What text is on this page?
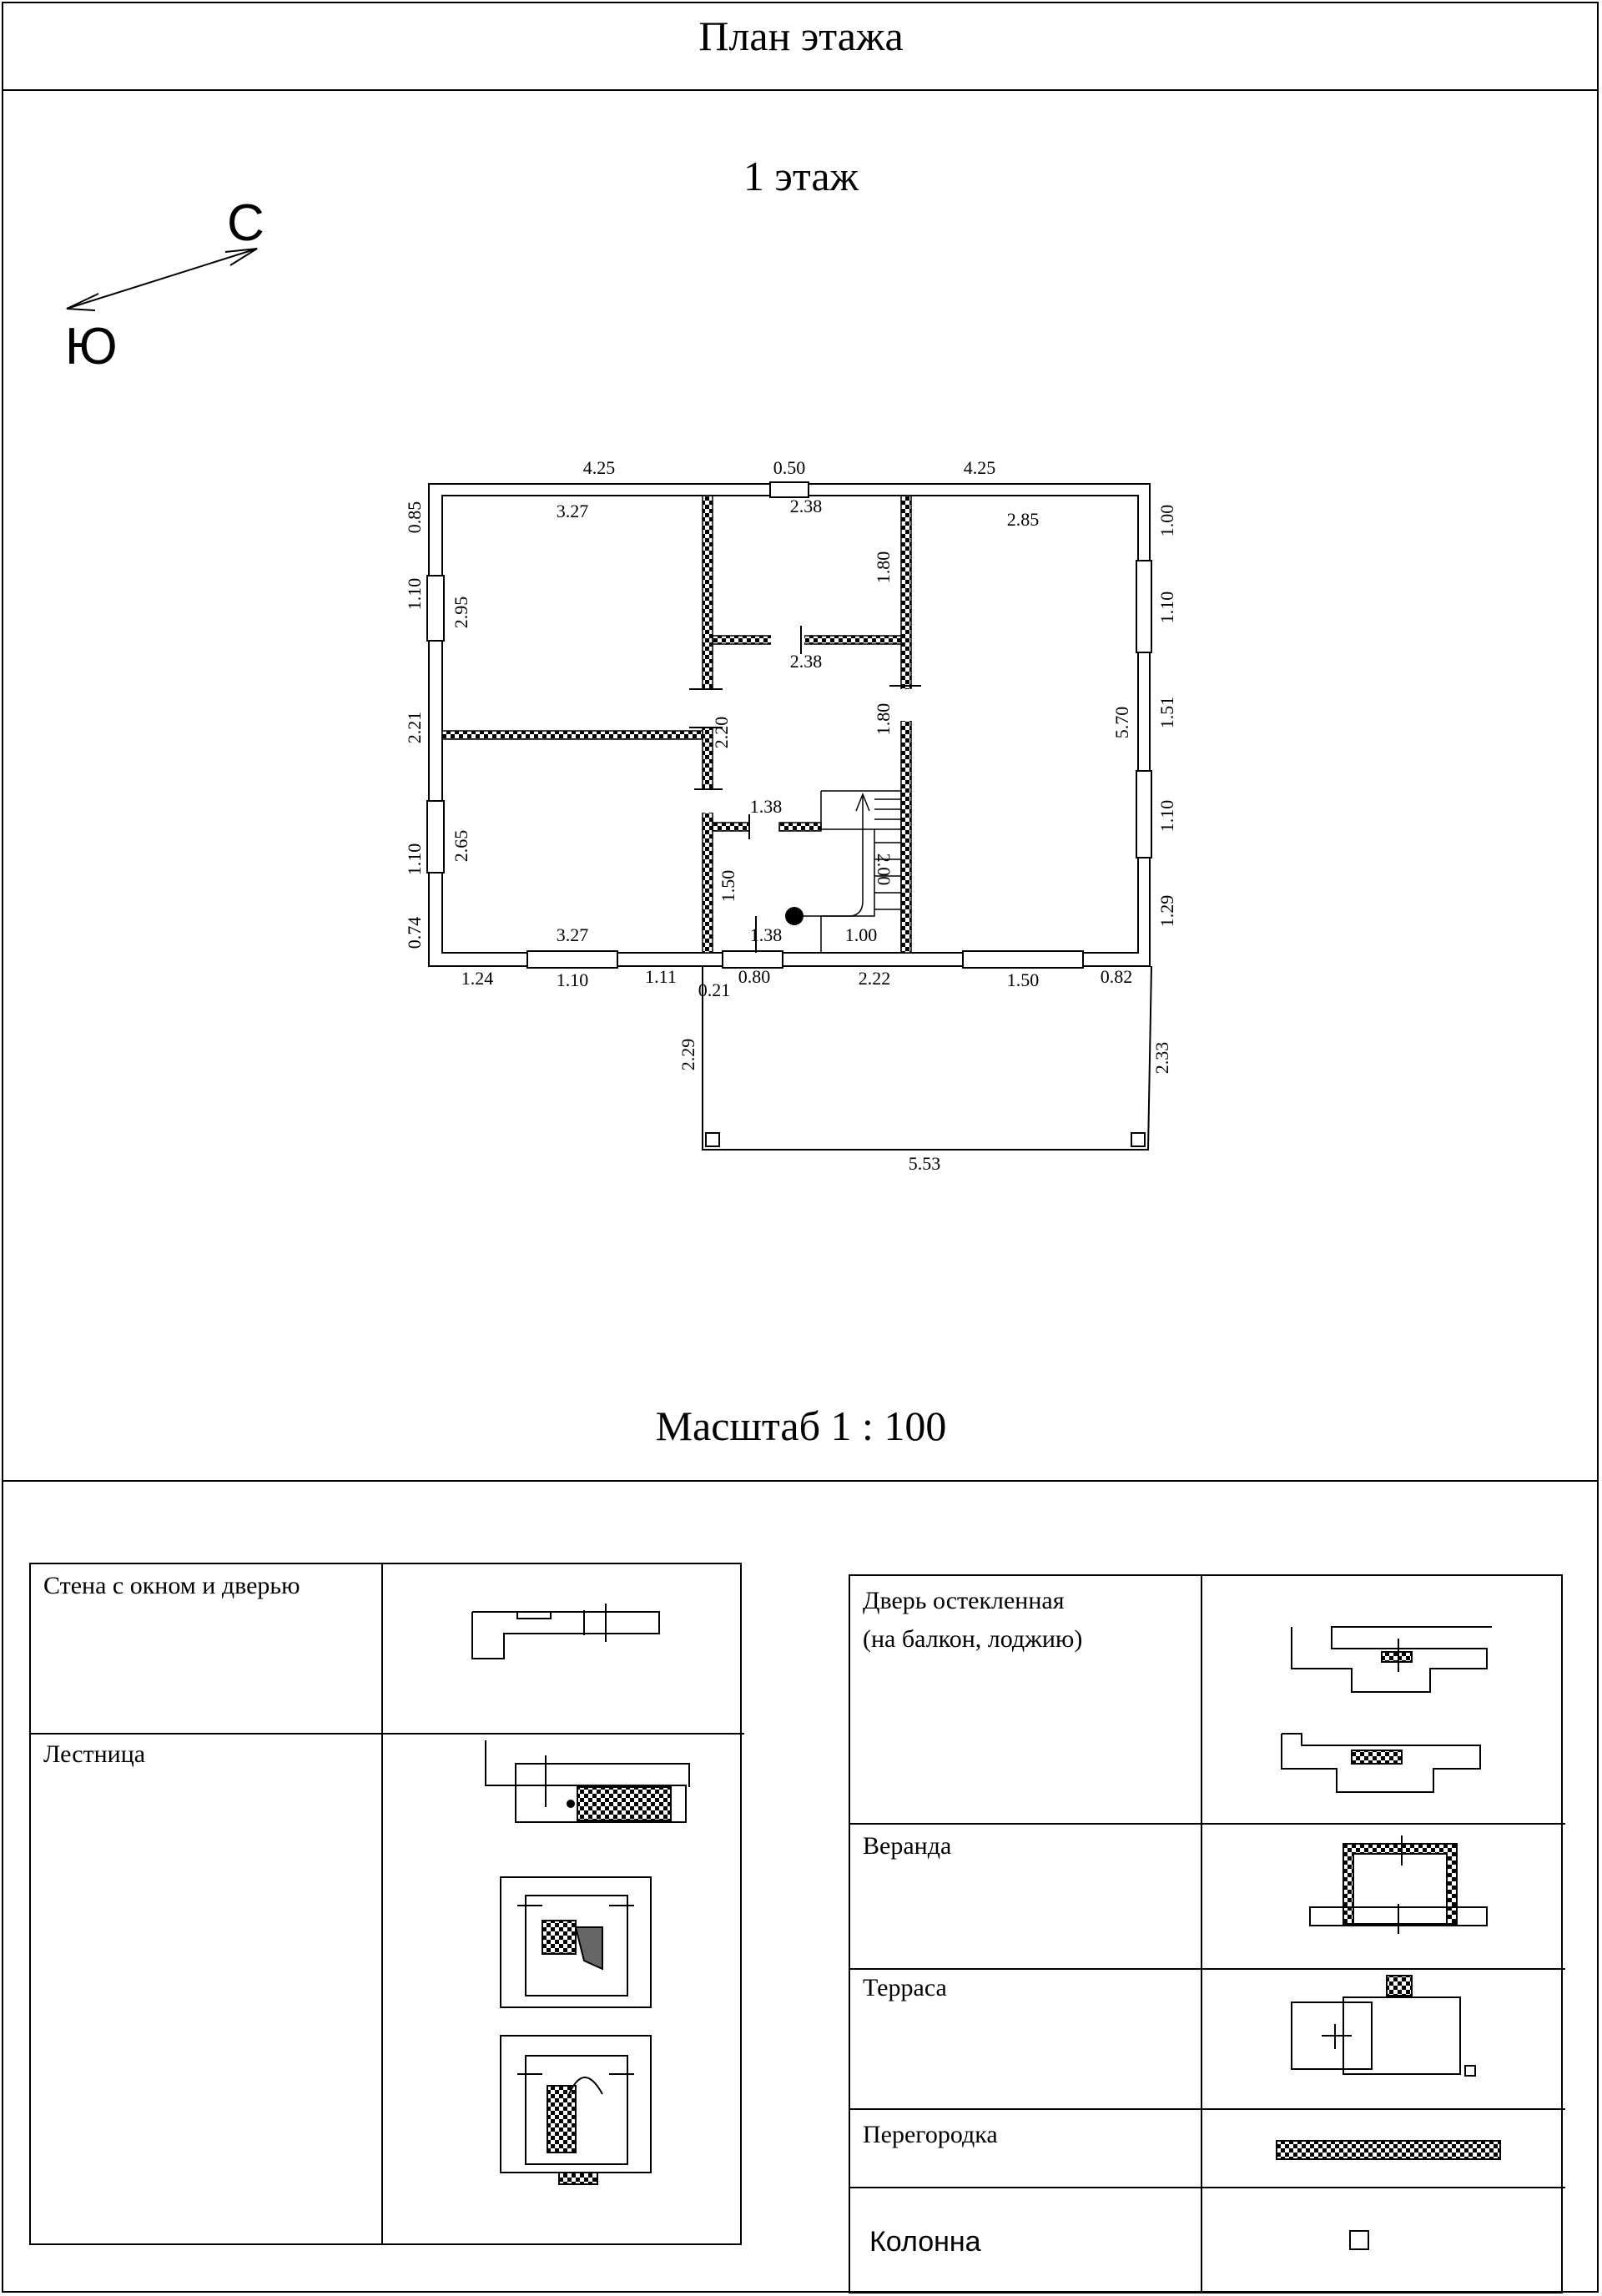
План этажа
1 этаж
Масштаб 1 : 100
С
Ю
4.25	0.50	4.25
3.27	2.38
2.85
0.85
1.10
2.21
1.10
0.74
2.95
2.65
1.00
1.10
1.51
1.10
1.29
5.70
1.80
2.38
1.80
2.20
1.38
1.50
1.38
2.00
1.00
3.27
1.24	1.10	1.11
0.21
0.80	2.22	1.50	0.82
2.29	2.33
5.53
Стена с окном и дверью
Лестница
Дверь остекленная
(на балкон, лоджию)
Веранда
Терраса
Перегородка
Колонна
